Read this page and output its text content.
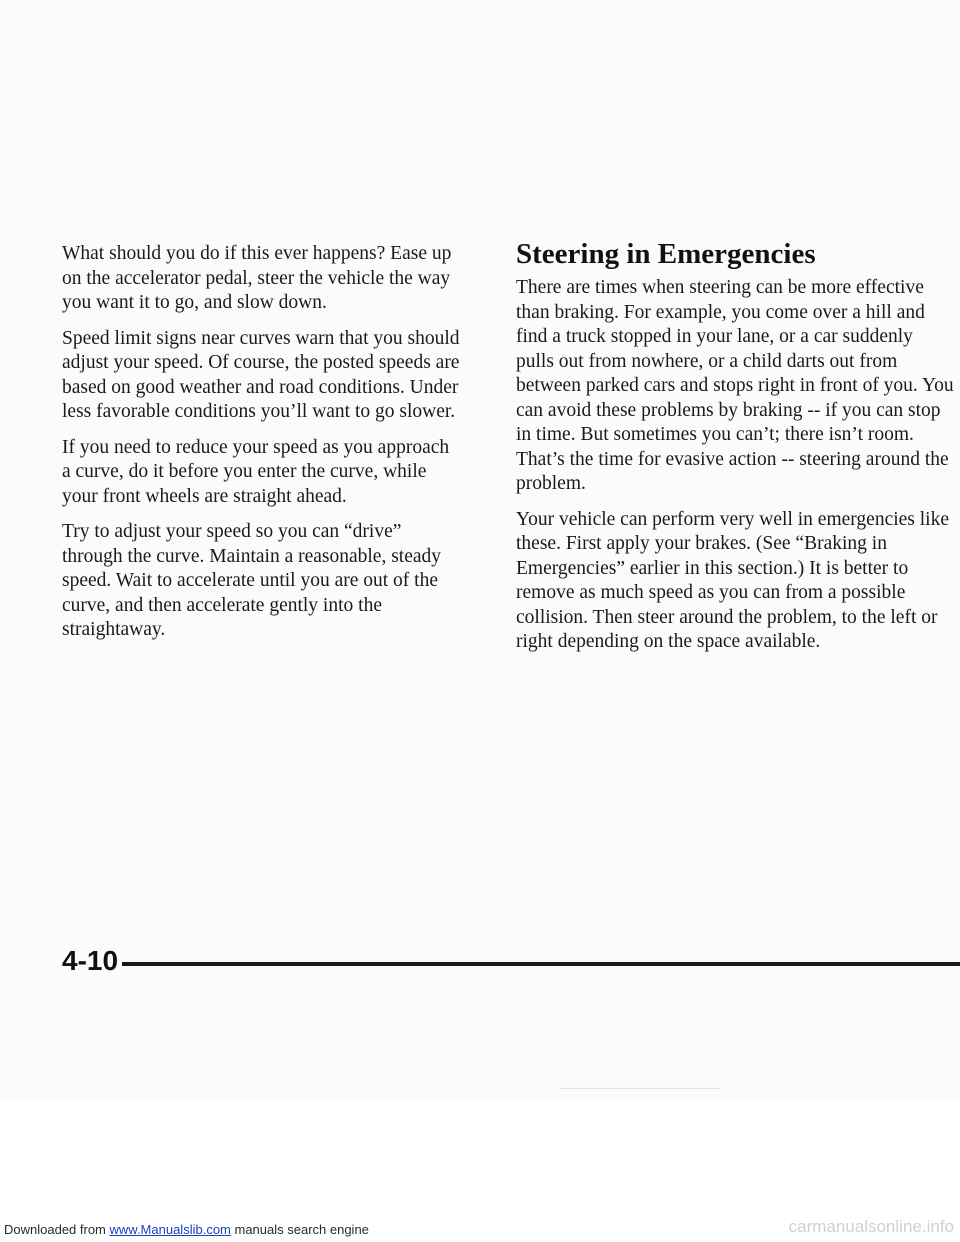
What should you do if this ever happens? Ease up on the accelerator pedal, steer the vehicle the way you want it to go, and slow down.

Speed limit signs near curves warn that you should adjust your speed. Of course, the posted speeds are based on good weather and road conditions. Under less favorable conditions you’ll want to go slower.

If you need to reduce your speed as you approach a curve, do it before you enter the curve, while your front wheels are straight ahead.

Try to adjust your speed so you can “drive” through the curve. Maintain a reasonable, steady speed. Wait to accelerate until you are out of the curve, and then accelerate gently into the straightaway.

Steering in Emergencies

There are times when steering can be more effective than braking. For example, you come over a hill and find a truck stopped in your lane, or a car suddenly pulls out from nowhere, or a child darts out from between parked cars and stops right in front of you. You can avoid these problems by braking -- if you can stop in time. But sometimes you can’t; there isn’t room. That’s the time for evasive action -- steering around the problem.

Your vehicle can perform very well in emergencies like these. First apply your brakes. (See “Braking in Emergencies” earlier in this section.) It is better to remove as much speed as you can from a possible collision. Then steer around the problem, to the left or right depending on the space available.

4-10
Downloaded from www.Manualslib.com manuals search engine	carmanualsonline.info
